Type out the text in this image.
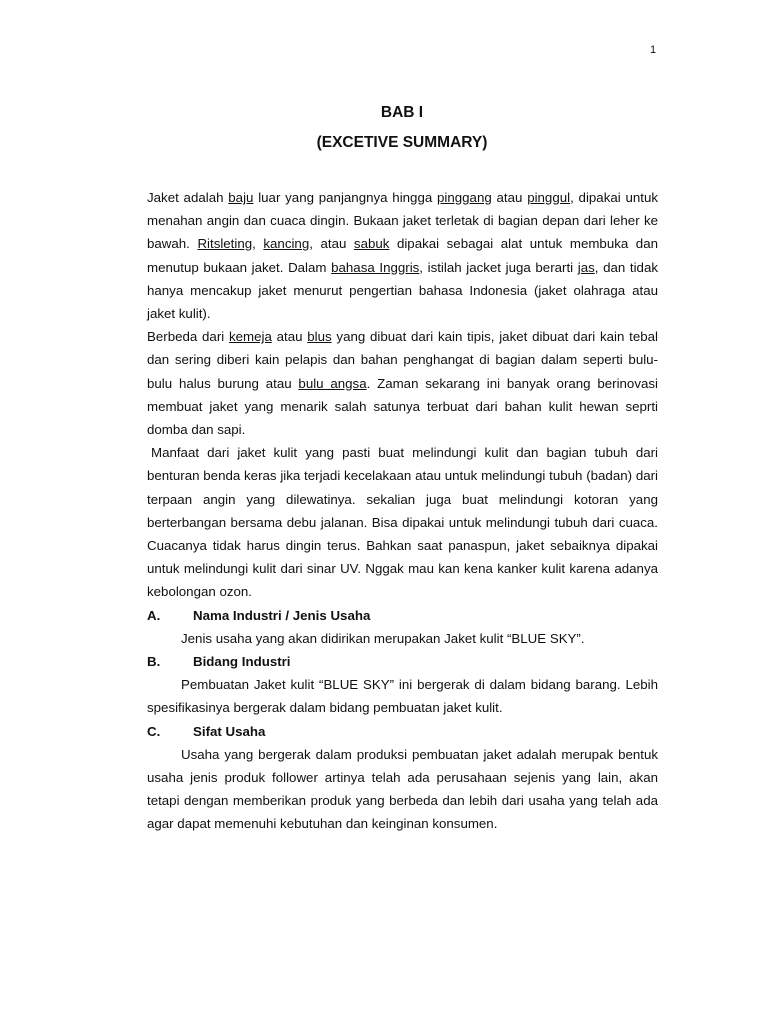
1
BAB I
(EXCETIVE SUMMARY)

Jaket adalah baju luar yang panjangnya hingga pinggang atau pinggul, dipakai untuk menahan angin dan cuaca dingin. Bukaan jaket terletak di bagian depan dari leher ke bawah. Ritsleting, kancing, atau sabuk dipakai sebagai alat untuk membuka dan menutup bukaan jaket. Dalam bahasa Inggris, istilah jacket juga berarti jas, dan tidak hanya mencakup jaket menurut pengertian bahasa Indonesia (jaket olahraga atau jaket kulit).

Berbeda dari kemeja atau blus yang dibuat dari kain tipis, jaket dibuat dari kain tebal dan sering diberi kain pelapis dan bahan penghangat di bagian dalam seperti bulu-bulu halus burung atau bulu angsa. Zaman sekarang ini banyak orang berinovasi membuat jaket yang menarik salah satunya terbuat dari bahan kulit hewan seprti domba dan sapi.

Manfaat dari jaket kulit yang pasti buat melindungi kulit dan bagian tubuh dari benturan benda keras jika terjadi kecelakaan atau untuk melindungi tubuh (badan) dari terpaan angin yang dilewatinya. sekalian juga buat melindungi kotoran yang berterbangan bersama debu jalanan. Bisa dipakai untuk melindungi tubuh dari cuaca. Cuacanya tidak harus dingin terus. Bahkan saat panaspun, jaket sebaiknya dipakai untuk melindungi kulit dari sinar UV. Nggak mau kan kena kanker kulit karena adanya kebolongan ozon.

A.	Nama Industri / Jenis Usaha

Jenis usaha yang akan didirikan merupakan Jaket kulit “BLUE SKY”.

B.	Bidang Industri

Pembuatan Jaket kulit “BLUE SKY” ini bergerak di dalam bidang barang. Lebih spesifikasinya bergerak dalam bidang pembuatan jaket kulit.

C.	Sifat Usaha

Usaha yang bergerak dalam produksi pembuatan jaket adalah merupak bentuk usaha jenis produk follower artinya telah ada perusahaan sejenis yang lain, akan tetapi dengan memberikan produk yang berbeda dan lebih dari usaha yang telah ada agar dapat memenuhi kebutuhan dan keinginan konsumen.
